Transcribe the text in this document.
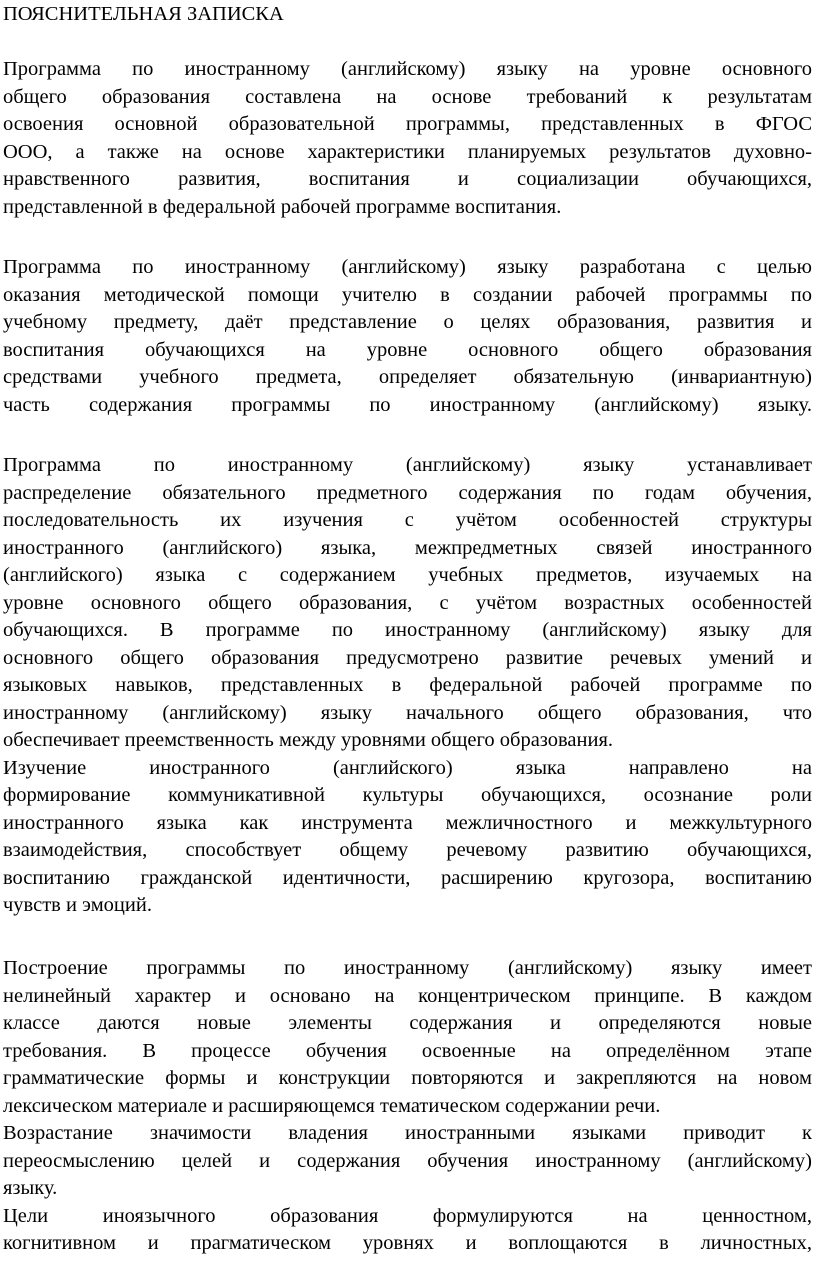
ПОЯСНИТЕЛЬНАЯ ЗАПИСКА
Программа по иностранному (английскому) языку на уровне основного
общего образования составлена на основе требований к результатам
освоения основной образовательной программы, представленных в ФГОС
ООО, а также на основе характеристики планируемых результатов духовно-
нравственного развития, воспитания и социализации обучающихся,
представленной в федеральной рабочей программе воспитания.
Программа по иностранному (английскому) языку разработана с целью
оказания методической помощи учителю в создании рабочей программы по
учебному предмету, даёт представление о целях образования, развития и
воспитания обучающихся на уровне основного общего образования
средствами учебного предмета, определяет обязательную (инвариантную)
часть содержания программы по иностранному (английскому) языку.
Программа по иностранному (английскому) языку устанавливает
распределение обязательного предметного содержания по годам обучения,
последовательность их изучения с учётом особенностей структуры
иностранного (английского) языка, межпредметных связей иностранного
(английского) языка с содержанием учебных предметов, изучаемых на
уровне основного общего образования, с учётом возрастных особенностей
обучающихся. В программе по иностранному (английскому) языку для
основного общего образования предусмотрено развитие речевых умений и
языковых навыков, представленных в федеральной рабочей программе по
иностранному (английскому) языку начального общего образования, что
обеспечивает преемственность между уровнями общего образования.
Изучение иностранного (английского) языка направлено на
формирование коммуникативной культуры обучающихся, осознание роли
иностранного языка как инструмента межличностного и межкультурного
взаимодействия, способствует общему речевому развитию обучающихся,
воспитанию гражданской идентичности, расширению кругозора, воспитанию
чувств и эмоций.
Построение программы по иностранному (английскому) языку имеет
нелинейный характер и основано на концентрическом принципе. В каждом
классе даются новые элементы содержания и определяются новые
требования. В процессе обучения освоенные на определённом этапе
грамматические формы и конструкции повторяются и закрепляются на новом
лексическом материале и расширяющемся тематическом содержании речи.
Возрастание значимости владения иностранными языками приводит к
переосмыслению целей и содержания обучения иностранному (английскому)
языку.
Цели иноязычного образования формулируются на ценностном,
когнитивном и прагматическом уровнях и воплощаются в личностных,
